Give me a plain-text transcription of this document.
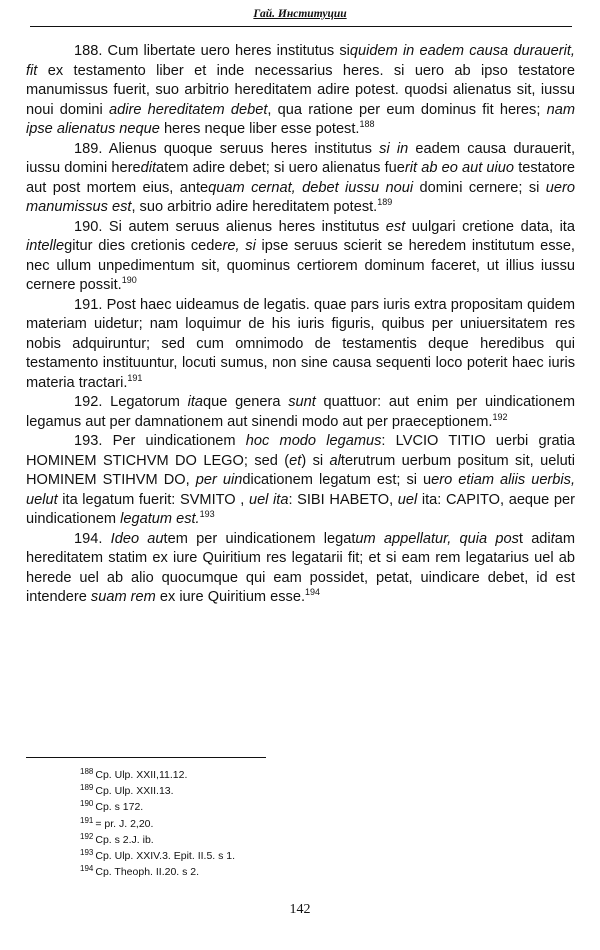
Гай. Институции

188. Cum libertate uero heres institutus siquidem in eadem causa durauerit, fit ex testamento liber et inde necessarius heres. si uero ab ipso testatore manumissus fuerit, suo arbitrio hereditatem adire potest. quodsi alienatus sit, iussu noui domini adire hereditatem debet, qua ratione per eum dominus fit heres; nam ipse alienatus neque heres neque liber esse potest.$^{188}$

189. Alienus quoque seruus heres institutus si in eadem causa durauerit, iussu domini hereditatem adire debet; si uero alienatus fuerit ab eo aut uiuo testatore aut post mortem eius, antequam cernat, debet iussu noui domini cernere; si uero manumissus est, suo arbitrio adire hereditatem potest.$^{189}$

190. Si autem seruus alienus heres institutus est uulgari cretione data, ita intellegitur dies cretionis cedere, si ipse seruus scierit se heredem institutum esse, nec ullum unpedimentum sit, quominus certiorem dominum faceret, ut illius iussu cernere possit.$^{190}$

191. Post haec uideamus de legatis. quae pars iuris extra propositam quidem materiam uidetur; nam loquimur de his iuris figuris, quibus per uniuersitatem res nobis adquiruntur; sed cum omnimodo de testamentis deque heredibus qui testamento instituuntur, locuti sumus, non sine causa sequenti loco poterit haec iuris materia tractari.$^{191}$

192. Legatorum itaque genera sunt quattuor: aut enim per uindicationem legamus aut per damnationem aut sinendi modo aut per praeceptionem.$^{192}$

193. Per uindicationem hoc modo legamus: LVCIO TITIO uerbi gratia HOMINEM STICHVM DO LEGO; sed (et) si alterutrum uerbum positum sit, ueluti HOMINEM STIHVM DO, per uindicationem legatum est; si uero etiam aliis uerbis, uelut ita legatum fuerit: SVMITO , uel ita: SIBI HABETO, uel ita: CAPITO, aeque per uindicationem legatum est.$^{193}$

194. Ideo autem per uindicationem legatum appellatur, quia post aditam hereditatem statim ex iure Quiritium res legatarii fit; et si eam rem legatarius uel ab herede uel ab alio quocumque qui eam possidet, petat, uindicare debet, id est intendere suam rem ex iure Quiritium esse.$^{194}$

$^{188}$ Cp. Ulp. XXII,11.12.
$^{189}$ Cp. Ulp. XXII.13.
$^{190}$ Cp. s 172.
$^{191}$ = pr. J. 2,20.
$^{192}$ Cp. s 2.J. ib.
$^{193}$ Cp. Ulp. XXIV.3. Epit. II.5. s 1.
$^{194}$ Cp. Theoph. II.20. s 2.
142
